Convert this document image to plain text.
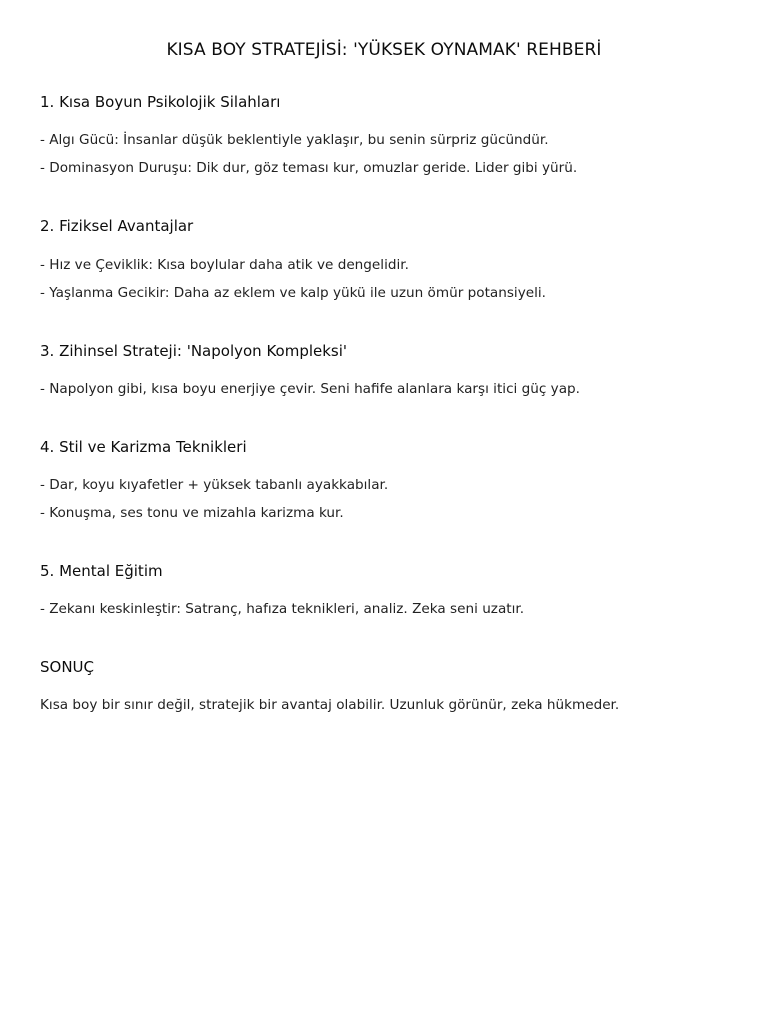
KISA BOY STRATEJİSİ: 'YÜKSEK OYNAMAK' REHBERİ
1. Kısa Boyun Psikolojik Silahları
- Algı Gücü: İnsanlar düşük beklentiyle yaklaşır, bu senin sürpriz gücündür.
- Dominasyon Duruşu: Dik dur, göz teması kur, omuzlar geride. Lider gibi yürü.
2. Fiziksel Avantajlar
- Hız ve Çeviklik: Kısa boylular daha atik ve dengelidir.
- Yaşlanma Gecikir: Daha az eklem ve kalp yükü ile uzun ömür potansiyeli.
3. Zihinsel Strateji: 'Napolyon Kompleksi'
- Napolyon gibi, kısa boyu enerjiye çevir. Seni hafife alanlara karşı itici güç yap.
4. Stil ve Karizma Teknikleri
- Dar, koyu kıyafetler + yüksek tabanlı ayakkabılar.
- Konuşma, ses tonu ve mizahla karizma kur.
5. Mental Eğitim
- Zekanı keskinleştir: Satranç, hafıza teknikleri, analiz. Zeka seni uzatır.
SONUÇ
Kısa boy bir sınır değil, stratejik bir avantaj olabilir. Uzunluk görünür, zeka hükmeder.
